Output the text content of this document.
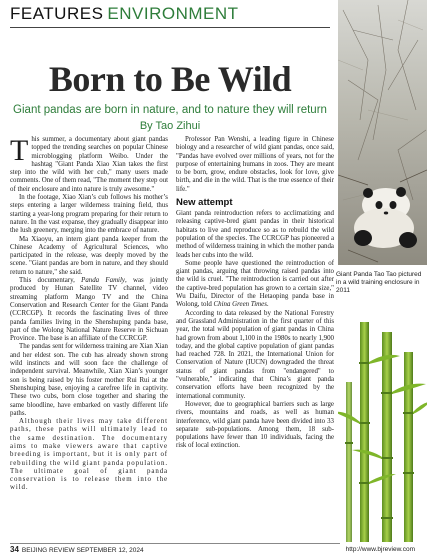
FEATURES ENVIRONMENT
Giant Panda Tao Tao pictured in a wild training enclosure in 2011
Born to Be Wild
Giant pandas are born in nature, and to nature they will return
By Tao Zihui

This summer, a documentary about giant pandas topped the trending searches on popular Chinese microblogging platform Weibo. Under the hashtag "Giant Panda Xiao Xian takes the first step into the wild with her cub," many users made comments. One of them read, "The moment they step out of their enclosure and into nature is truly awesome."

In the footage, Xiao Xian’s cub follows his mother’s steps entering a larger wilderness training field, thus starting a year-long program preparing for their return to nature. In the vast expanse, they gradually disappear into the lush greenery, merging into the embrace of nature.

Ma Xiaoyu, an intern giant panda keeper from the Chinese Academy of Agricultural Sciences, who participated in the release, was deeply moved by the scene. "Giant pandas are born in nature, and they should return to nature," she said.

This documentary, Panda Family, was jointly produced by Hunan Satellite TV channel, video streaming platform Mango TV and the China Conservation and Research Center for the Giant Panda (CCRCGP). It records the fascinating lives of three panda families living in the Shenshuping panda base, part of the Wolong National Nature Reserve in Sichuan Province. The base is an affiliate of the CCRCGP.

The pandas sent for wilderness training are Xian Xian and her eldest son. The cub has already shown strong wild instincts and will soon face the challenge of independent survival. Meanwhile, Xian Xian’s younger son is being raised by his foster mother Rui Rui at the Shenshuping base, enjoying a carefree life in captivity. These two cubs, born close together and sharing the same bloodline, have embarked on vastly different life paths.

Although their lives may take different paths, these paths will ultimately lead to the same destination. The documentary aims to make viewers aware that captive breeding is important, but it is only part of rebuilding the wild giant panda population. The ultimate goal of giant panda conservation is to release them into the wild.

Professor Pan Wenshi, a leading figure in Chinese biology and a researcher of wild giant pandas, once said, "Pandas have evolved over millions of years, not for the purpose of entertaining humans in zoos. They are meant to be born, grow, endure obstacles, look for love, give birth, and die in the wild. That is the true essence of their life."

New attempt

Giant panda reintroduction refers to acclimatizing and releasing captive-bred giant pandas in their historical habitats to live and reproduce so as to rebuild the wild population of the species. The CCRCGP has pioneered a method of wilderness training in which the mother panda leads her cubs into the wild.

Some people have questioned the reintroduction of giant pandas, arguing that throwing raised pandas into the wild is cruel. "The reintroduction is carried out after the captive-bred population has grown to a certain size," Wu Daifu, Director of the Hetaoping panda base in Wolong, told China Green Times.

According to data released by the National Forestry and Grassland Administration in the first quarter of this year, the total wild population of giant pandas in China had grown from about 1,100 in the 1980s to nearly 1,900 today, and the global captive population of giant pandas had reached 728. In 2021, the International Union for Conservation of Nature (IUCN) downgraded the threat status of giant pandas from "endangered" to "vulnerable," indicating that China’s giant panda conservation efforts have been recognized by the international community.

However, due to geographical barriers such as large rivers, mountains and roads, as well as human interference, wild giant panda have been divided into 33 separate sub-populations. Among them, 18 sub-populations have fewer than 10 individuals, facing the risk of local extinction.

34 BEIJING REVIEW SEPTEMBER 12, 2024	http://www.bjreview.com
